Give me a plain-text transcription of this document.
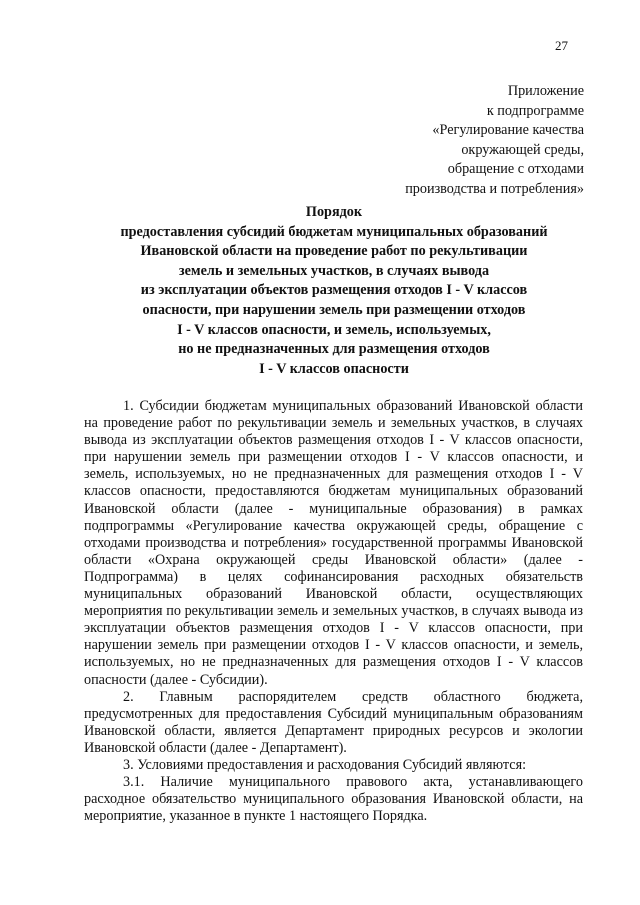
27
Приложение
к подпрограмме
«Регулирование качества
окружающей среды,
обращение с отходами
производства и потребления»
Порядок
предоставления субсидий бюджетам муниципальных образований
Ивановской области на проведение работ по рекультивации
земель и земельных участков, в случаях вывода
из эксплуатации объектов размещения отходов I - V классов
опасности, при нарушении земель при размещении отходов
I - V классов опасности, и земель, используемых,
но не предназначенных для размещения отходов
I - V классов опасности

1. Субсидии бюджетам муниципальных образований Ивановской области на проведение работ по рекультивации земель и земельных участков, в случаях вывода из эксплуатации объектов размещения отходов I - V классов опасности, при нарушении земель при размещении отходов I - V классов опасности, и земель, используемых, но не предназначенных для размещения отходов I - V классов опасности, предоставляются бюджетам муниципальных образований Ивановской области (далее - муниципальные образования) в рамках подпрограммы «Регулирование качества окружающей среды, обращение с отходами производства и потребления» государственной программы Ивановской области «Охрана окружающей среды Ивановской области» (далее - Подпрограмма) в целях софинансирования расходных обязательств муниципальных образований Ивановской области, осуществляющих мероприятия по рекультивации земель и земельных участков, в случаях вывода из эксплуатации объектов размещения отходов I - V классов опасности, при нарушении земель при размещении отходов I - V классов опасности, и земель, используемых, но не предназначенных для размещения отходов I - V классов опасности (далее - Субсидии).

2. Главным распорядителем средств областного бюджета, предусмотренных для предоставления Субсидий муниципальным образованиям Ивановской области, является Департамент природных ресурсов и экологии Ивановской области (далее - Департамент).

3. Условиями предоставления и расходования Субсидий являются:

3.1. Наличие муниципального правового акта, устанавливающего расходное обязательство муниципального образования Ивановской области, на мероприятие, указанное в пункте 1 настоящего Порядка.
